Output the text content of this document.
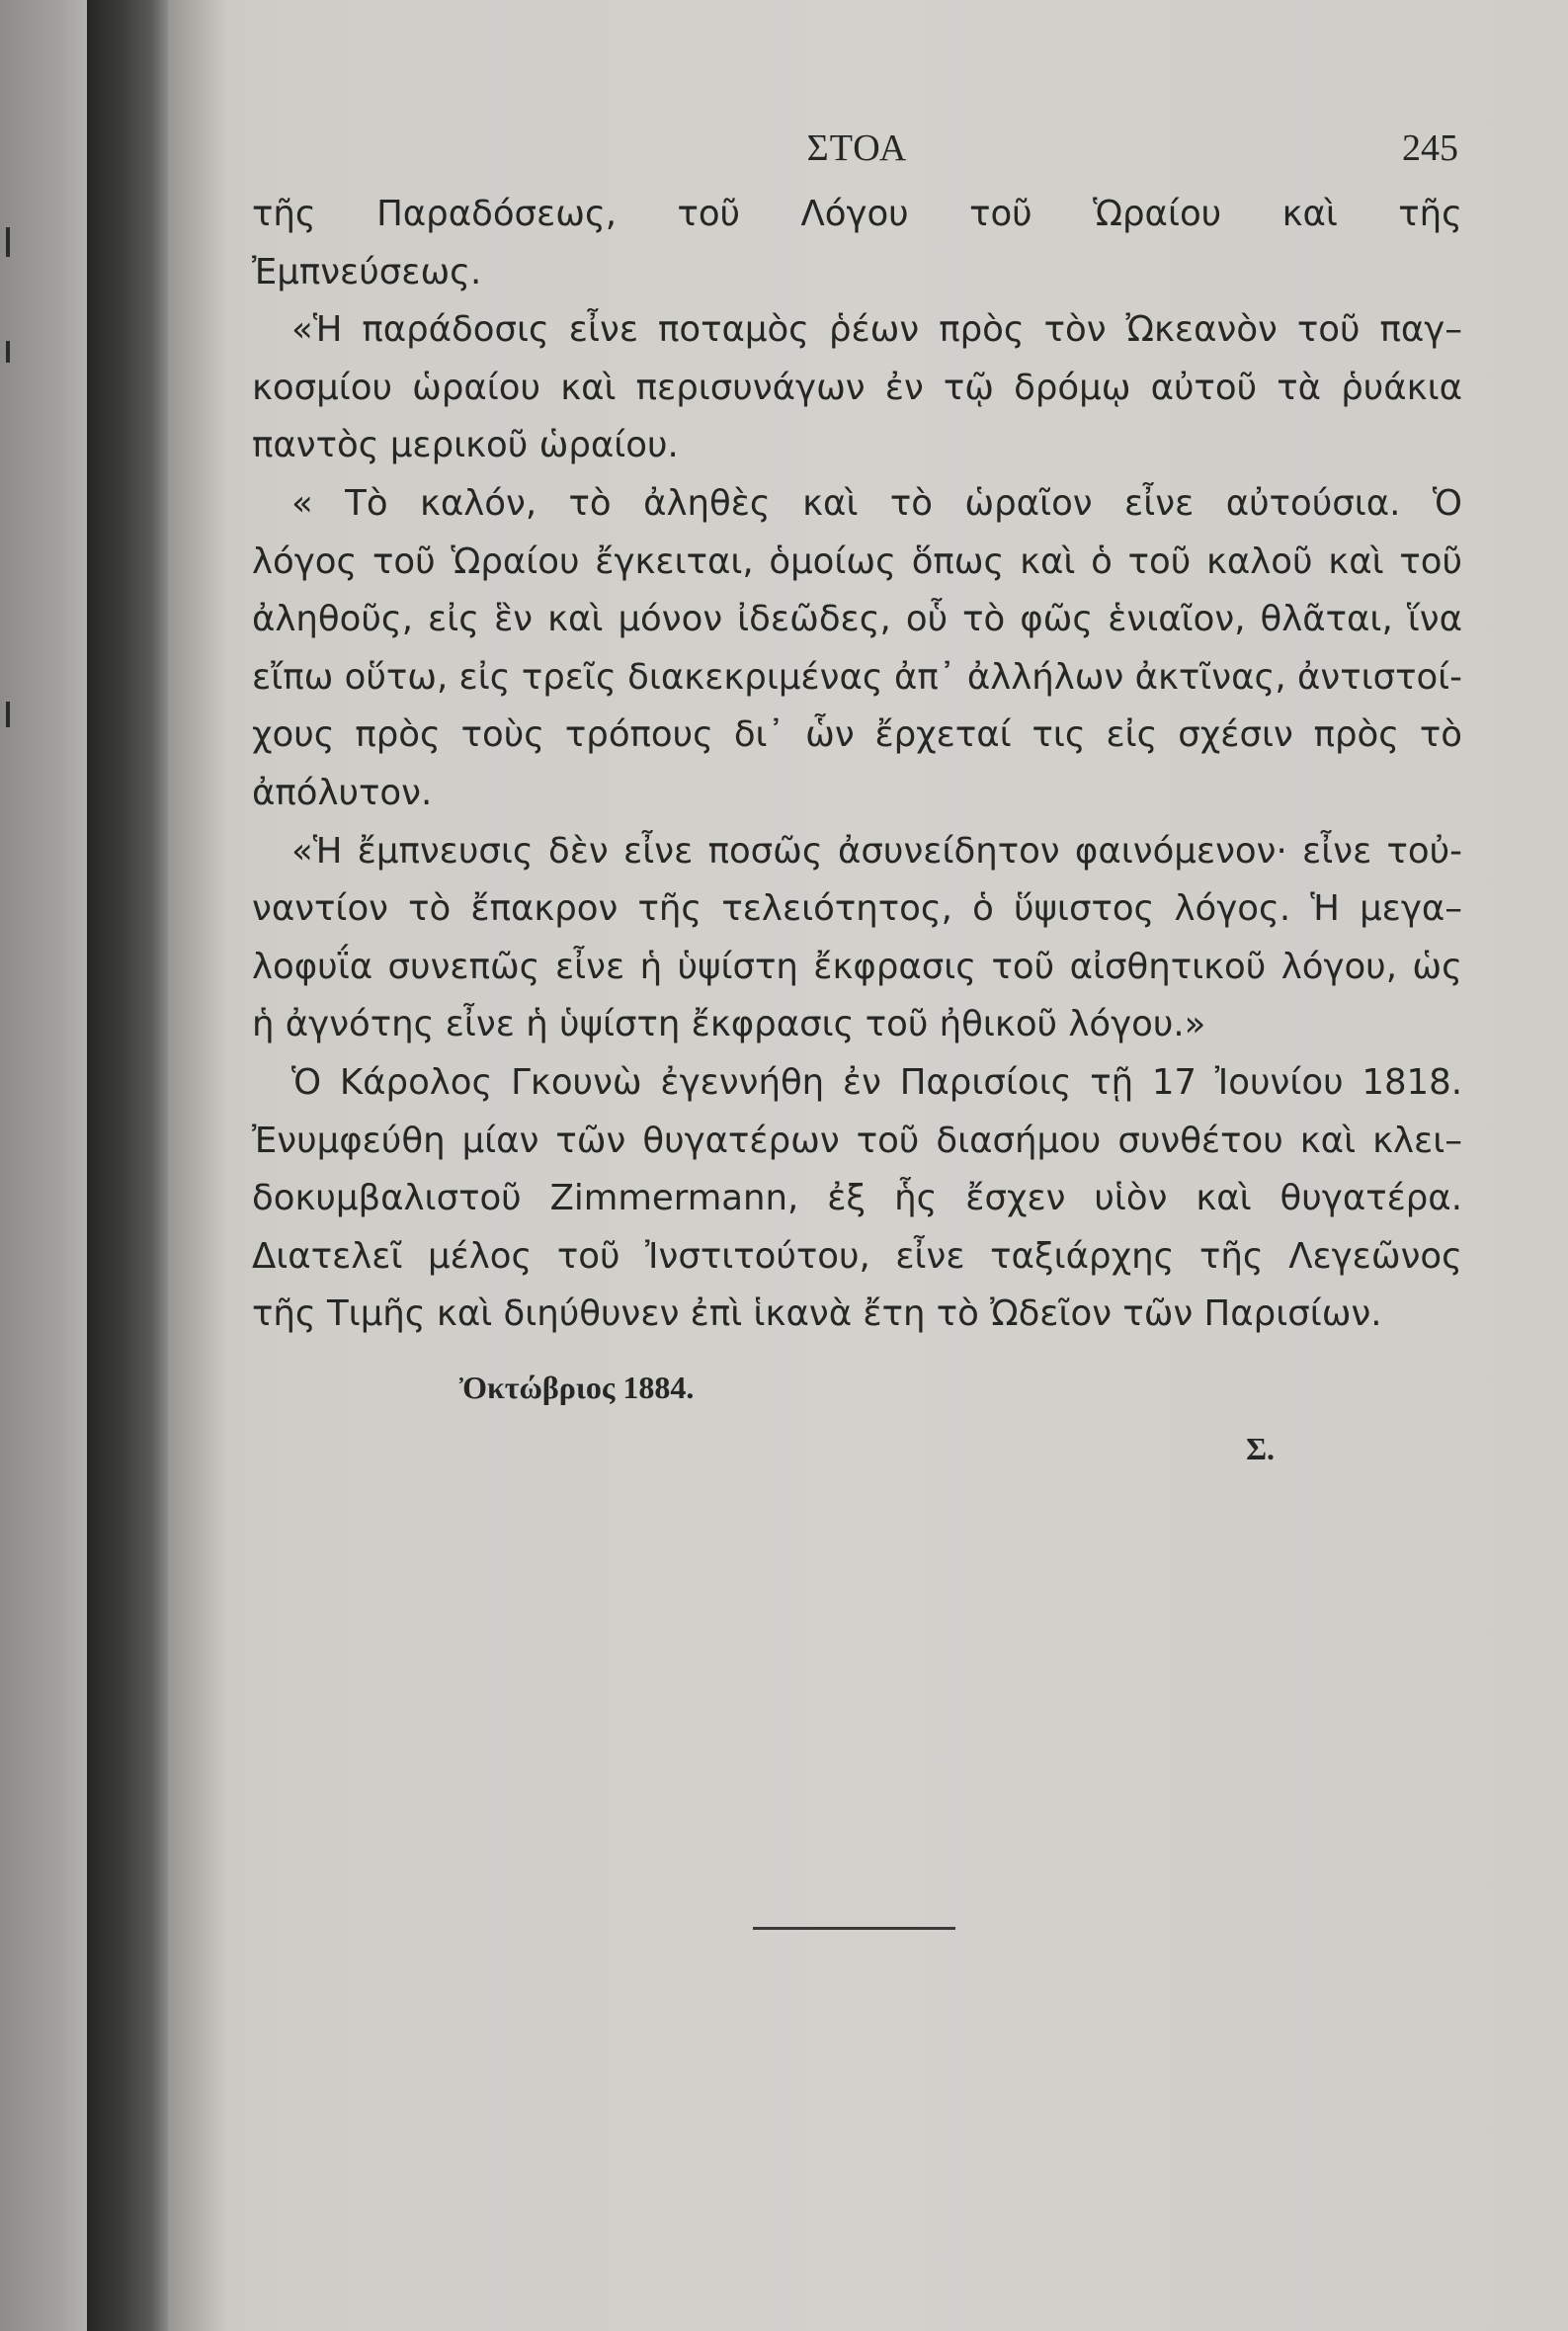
ΣΤΟΑ	245
τῆς Παραδόσεως, τοῦ Λόγου τοῦ Ὡραίου καὶ τῆς
Ἐμπνεύσεως.
«Ἡ παράδοσις εἶνε ποταμὸς ῥέων πρὸς τὸν Ὠκεανὸν τοῦ παγ–
κοσμίου ὡραίου καὶ περισυνάγων ἐν τῷ δρόμῳ αὐτοῦ τὰ ῥυάκια
παντὸς μερικοῦ ὡραίου.
« Τὸ καλόν, τὸ ἀληθὲς καὶ τὸ ὡραῖον εἶνε αὐτούσια. Ὁ
λόγος τοῦ Ὡραίου ἔγκειται, ὁμοίως ὅπως καὶ ὁ τοῦ καλοῦ καὶ τοῦ
ἀληθοῦς, εἰς ἓν καὶ μόνον ἰδεῶδες, οὗ τὸ φῶς ἑνιαῖον, θλᾶται, ἵνα
εἴπω οὕτω, εἰς τρεῖς διακεκριμένας ἀπ᾽ ἀλλήλων ἀκτῖνας, ἀντιστοί-
χους πρὸς τοὺς τρόπους δι᾽ ὧν ἔρχεταί τις εἰς σχέσιν πρὸς τὸ
ἀπόλυτον.
«Ἡ ἔμπνευσις δὲν εἶνε ποσῶς ἀσυνείδητον φαινόμενον· εἶνε τοὐ-
ναντίον τὸ ἔπακρον τῆς τελειότητος, ὁ ὕψιστος λόγος. Ἡ μεγα–
λοφυΐα συνεπῶς εἶνε ἡ ὑψίστη ἔκφρασις τοῦ αἰσθητικοῦ λόγου, ὡς
ἡ ἀγνότης εἶνε ἡ ὑψίστη ἔκφρασις τοῦ ἠθικοῦ λόγου.»
Ὁ Κάρολος Γκουνὼ ἐγεννήθη ἐν Παρισίοις τῇ 17 Ἰουνίου 1818.
Ἐνυμφεύθη μίαν τῶν θυγατέρων τοῦ διασήμου συνθέτου καὶ κλει–
δοκυμβαλιστοῦ Zimmermann, ἐξ ἧς ἔσχεν υἱὸν καὶ θυγατέρα.
Διατελεῖ μέλος τοῦ Ἰνστιτούτου, εἶνε ταξιάρχης τῆς Λεγεῶνος
τῆς Τιμῆς καὶ διηύθυνεν ἐπὶ ἱκανὰ ἔτη τὸ Ὠδεῖον τῶν Παρισίων.
Ὀκτώβριος 1884.
Σ.
